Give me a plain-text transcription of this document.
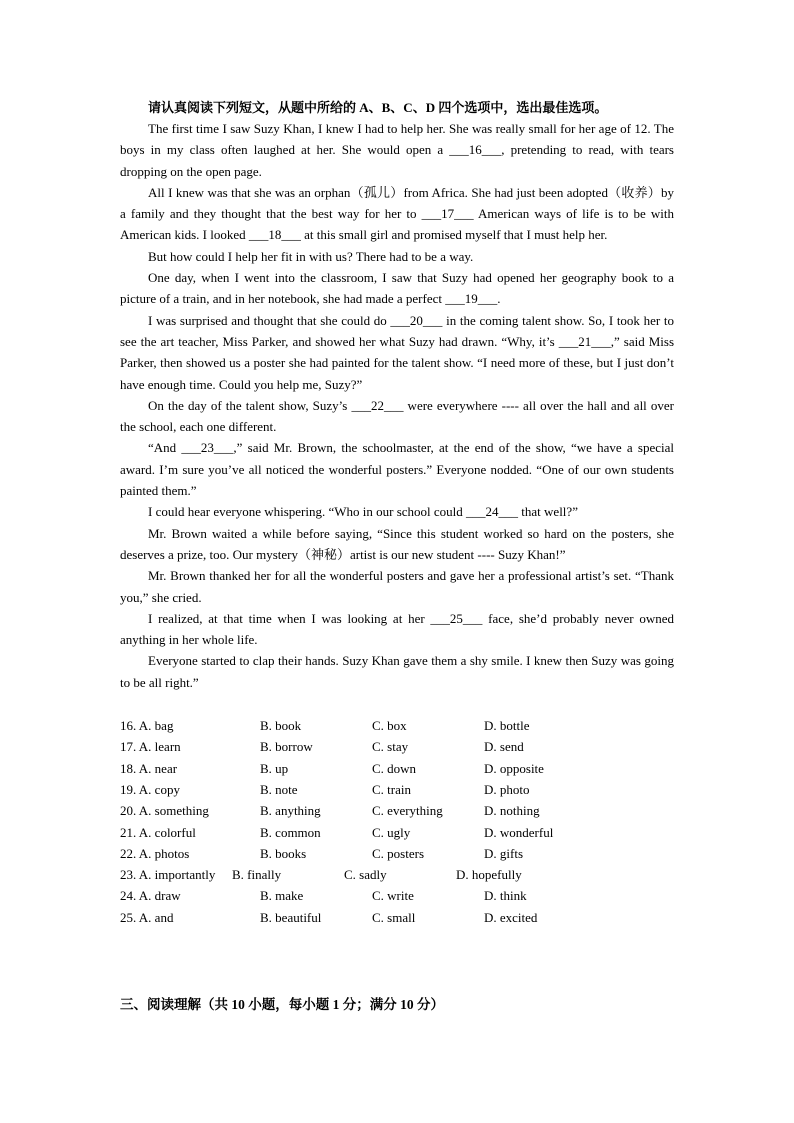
请认真阅读下列短文，从题中所给的 A、B、C、D 四个选项中，选出最佳选项。

The first time I saw Suzy Khan, I knew I had to help her. She was really small for her age of 12. The boys in my class often laughed at her. She would open a ___16___, pretending to read, with tears dropping on the open page.

All I knew was that she was an orphan（孤儿）from Africa. She had just been adopted（收养）by a family and they thought that the best way for her to ___17___ American ways of life is to be with American kids. I looked ___18___ at this small girl and promised myself that I must help her.

But how could I help her fit in with us? There had to be a way.

One day, when I went into the classroom, I saw that Suzy had opened her geography book to a picture of a train, and in her notebook, she had made a perfect ___19___.

I was surprised and thought that she could do ___20___ in the coming talent show. So, I took her to see the art teacher, Miss Parker, and showed her what Suzy had drawn. “Why, it’s ___21___,” said Miss Parker, then showed us a poster she had painted for the talent show. “I need more of these, but I just don’t have enough time. Could you help me, Suzy?”

On the day of the talent show, Suzy’s ___22___ were everywhere ---- all over the hall and all over the school, each one different.

“And ___23___,” said Mr. Brown, the schoolmaster, at the end of the show, “we have a special award. I’m sure you’ve all noticed the wonderful posters.” Everyone nodded. “One of our own students painted them.”

I could hear everyone whispering. “Who in our school could ___24___ that well?”

Mr. Brown waited a while before saying, “Since this student worked so hard on the posters, she deserves a prize, too. Our mystery（神秘）artist is our new student ---- Suzy Khan!”

Mr. Brown thanked her for all the wonderful posters and gave her a professional artist’s set. “Thank you,” she cried.

I realized, at that time when I was looking at her ___25___ face, she’d probably never owned anything in her whole life.

Everyone started to clap their hands. Suzy Khan gave them a shy smile. I knew then Suzy was going to be all right.”

16. A. bag	B. book	C. box	D. bottle
17. A. learn	B. borrow	C. stay	D. send
18. A. near	B. up	C. down	D. opposite
19. A. copy	B. note	C. train	D. photo
20. A. something	B. anything	C. everything	D. nothing
21. A. colorful	B. common	C. ugly	D. wonderful
22. A. photos	B. books	C. posters	D. gifts
23. A. importantly	B. finally	C. sadly	D. hopefully
24. A. draw	B. make	C. write	D. think
25. A. and	B. beautiful	C. small	D. excited
三、阅读理解（共 10 小题，每小题 1 分；满分 10 分）
